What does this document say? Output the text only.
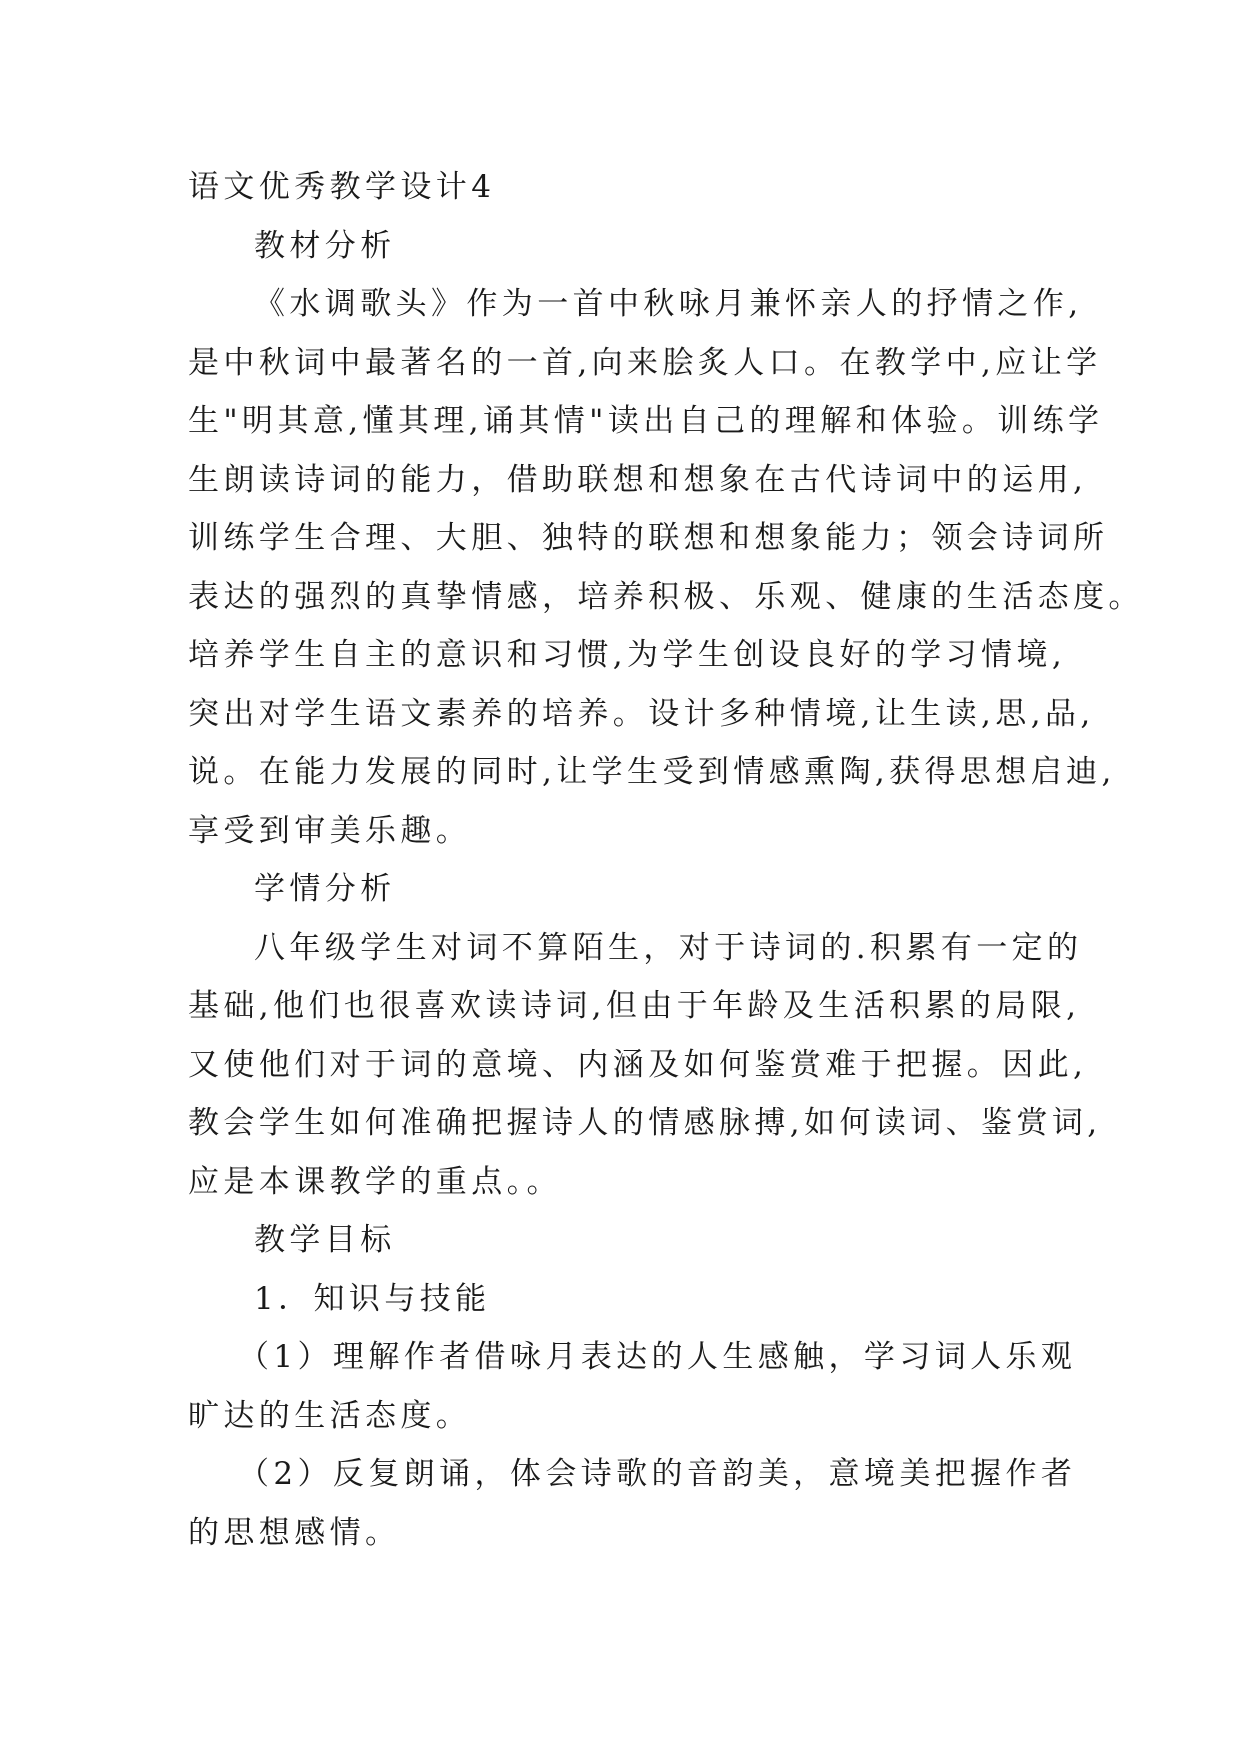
语文优秀教学设计4
教材分析
《水调歌头》作为一首中秋咏月兼怀亲人的抒情之作,
是中秋词中最著名的一首,向来脍炙人口。在教学中,应让学
生"明其意,懂其理,诵其情"读出自己的理解和体验。训练学
生朗读诗词的能力，借助联想和想象在古代诗词中的运用,
训练学生合理、大胆、独特的联想和想象能力；领会诗词所
表达的强烈的真挚情感，培养积极、乐观、健康的生活态度。
培养学生自主的意识和习惯,为学生创设良好的学习情境,
突出对学生语文素养的培养。设计多种情境,让生读,思,品,
说。在能力发展的同时,让学生受到情感熏陶,获得思想启迪,
享受到审美乐趣。
学情分析
八年级学生对词不算陌生，对于诗词的.积累有一定的
基础,他们也很喜欢读诗词,但由于年龄及生活积累的局限,
又使他们对于词的意境、内涵及如何鉴赏难于把握。因此,
教会学生如何准确把握诗人的情感脉搏,如何读词、鉴赏词,
应是本课教学的重点。。
教学目标
1．知识与技能
（1）理解作者借咏月表达的人生感触，学习词人乐观
旷达的生活态度。
（2）反复朗诵，体会诗歌的音韵美，意境美把握作者
的思想感情。
